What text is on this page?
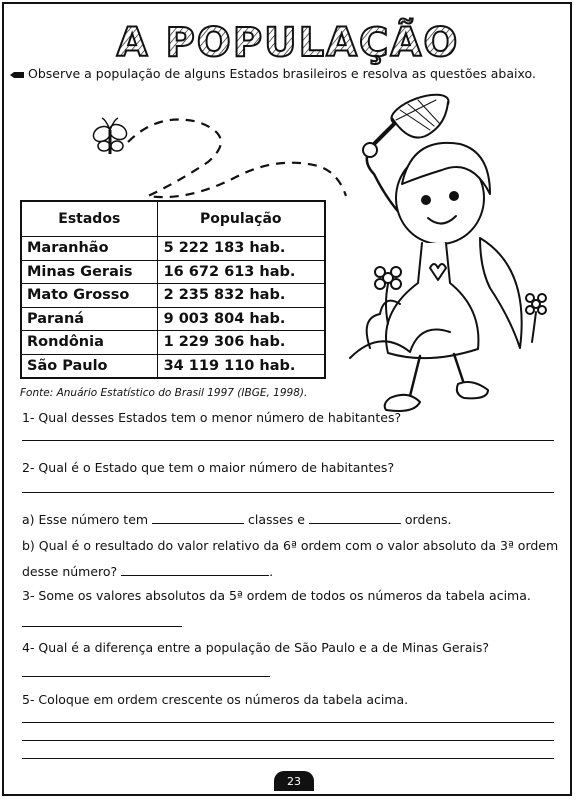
A POPULAÇÃO
Observe a população de alguns Estados brasileiros e resolva as questões abaixo.
Estados	População
Maranhão	5 222 183 hab.
Minas Gerais	16 672 613 hab.
Mato Grosso	2 235 832 hab.
Paraná	9 003 804 hab.
Rondônia	1 229 306 hab.
São Paulo	34 119 110 hab.
Fonte: Anuário Estatístico do Brasil 1997 (IBGE, 1998).
1- Qual desses Estados tem o menor número de habitantes?
2- Qual é o Estado que tem o maior número de habitantes?
a) Esse número tem	classes e	ordens.
b) Qual é o resultado do valor relativo da 6ª ordem com o valor absoluto da 3ª ordem
desse número?	.
3- Some os valores absolutos da 5ª ordem de todos os números da tabela acima.
4- Qual é a diferença entre a população de São Paulo e a de Minas Gerais?
5- Coloque em ordem crescente os números da tabela acima.
23
